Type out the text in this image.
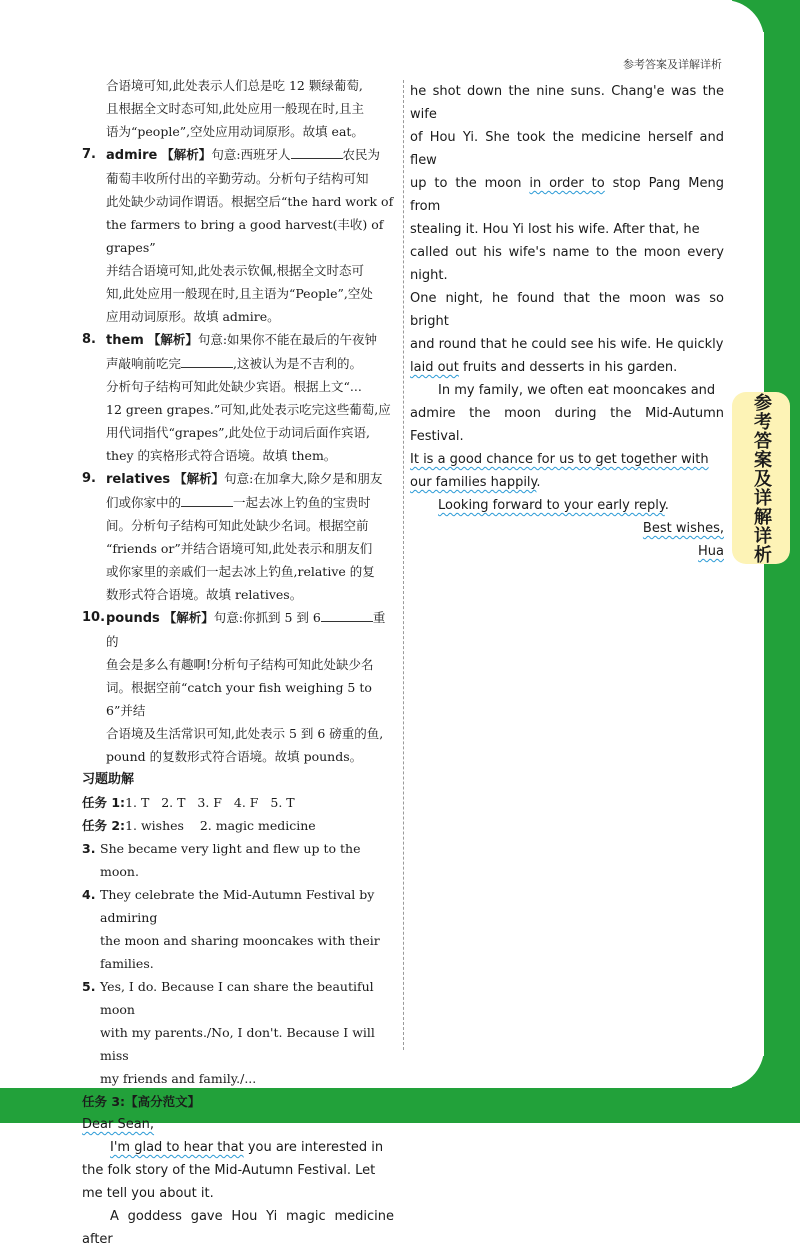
参考答案及详解详析
参考答案及详解详析
合语境可知,此处表示人们总是吃 12 颗绿葡萄,
且根据全文时态可知,此处应用一般现在时,且主
语为“people”,空处应用动词原形。故填 eat。
7. admire 【解析】句意:西班牙人	农民为
葡萄丰收所付出的辛勤劳动。分析句子结构可知
此处缺少动词作谓语。根据空后“the hard work of
the farmers to bring a good harvest(丰收) of grapes”
并结合语境可知,此处表示钦佩,根据全文时态可
知,此处应用一般现在时,且主语为“People”,空处
应用动词原形。故填 admire。
8. them 【解析】句意:如果你不能在最后的午夜钟
声敲响前吃完	,这被认为是不吉利的。
分析句子结构可知此处缺少宾语。根据上文“...
12 green grapes.”可知,此处表示吃完这些葡萄,应
用代词指代“grapes”,此处位于动词后面作宾语,
they 的宾格形式符合语境。故填 them。
9. relatives 【解析】句意:在加拿大,除夕是和朋友
们或你家中的	一起去冰上钓鱼的宝贵时
间。分析句子结构可知此处缺少名词。根据空前
“friends or”并结合语境可知,此处表示和朋友们
或你家里的亲戚们一起去冰上钓鱼,relative 的复
数形式符合语境。故填 relatives。
10. pounds 【解析】句意:你抓到 5 到 6	重的
鱼会是多么有趣啊!分析句子结构可知此处缺少名
词。根据空前“catch your fish weighing 5 to 6”并结
合语境及生活常识可知,此处表示 5 到 6 磅重的鱼,
pound 的复数形式符合语境。故填 pounds。
习题助解
任务 1:1. T   2. T   3. F   4. F   5. T
任务 2:1. wishes    2. magic medicine
3. She became very light and flew up to the moon.
4. They celebrate the Mid-Autumn Festival by admiring
the moon and sharing mooncakes with their families.
5. Yes, I do. Because I can share the beautiful moon
with my parents./No, I don't. Because I will miss
my friends and family./...
任务 3:【高分范文】

Dear Sean,

I'm glad to hear that you are interested in

the folk story of the Mid-Autumn Festival. Let

me tell you about it.

A goddess gave Hou Yi magic medicine after

he shot down the nine suns. Chang'e was the wife

of Hou Yi. She took the medicine herself and flew

up to the moon in order to stop Pang Meng from

stealing it. Hou Yi lost his wife. After that, he

called out his wife's name to the moon every night.

One night, he found that the moon was so bright

and round that he could see his wife. He quickly

laid out fruits and desserts in his garden.

In my family, we often eat mooncakes and

admire the moon during the Mid-Autumn Festival.

It is a good chance for us to get together with

our families happily.

Looking forward to your early reply.

Best wishes,

Hua
